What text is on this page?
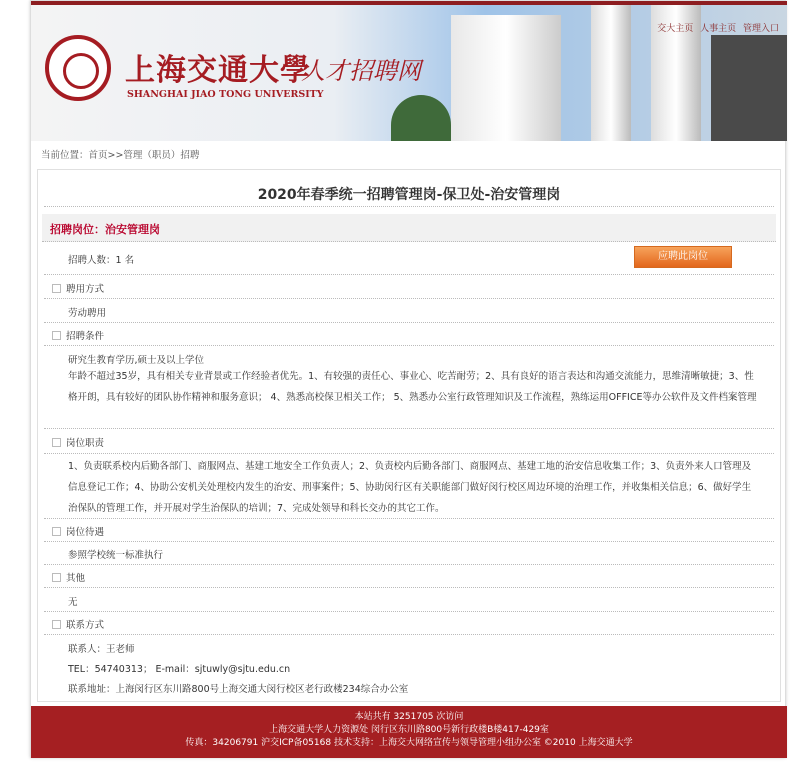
上海交通大學
人才招聘网
SHANGHAI JIAO TONG UNIVERSITY
交大主页 人事主页 管理入口
当前位置：首页>>管理（职员）招聘
2020年春季统一招聘管理岗-保卫处-治安管理岗
招聘岗位：治安管理岗
招聘人数：1 名	应聘此岗位
聘用方式
劳动聘用
招聘条件
研究生教育学历,硕士及以上学位
年龄不超过35岁，具有相关专业背景或工作经验者优先。1、有较强的责任心、事业心、吃苦耐劳；2、具有良好的语言表达和沟通交流能力，思维清晰敏捷；3、性格开朗，具有较好的团队协作精神和服务意识； 4、熟悉高校保卫相关工作； 5、熟悉办公室行政管理知识及工作流程，熟练运用OFFICE等办公软件及文件档案管理
岗位职责
1、负责联系校内后勤各部门、商服网点、基建工地安全工作负责人；2、负责校内后勤各部门、商服网点、基建工地的治安信息收集工作；3、负责外来人口管理及信息登记工作；4、协助公安机关处理校内发生的治安、刑事案件；5、协助闵行区有关职能部门做好闵行校区周边环境的治理工作，并收集相关信息；6、做好学生治保队的管理工作，并开展对学生治保队的培训；7、完成处领导和科长交办的其它工作。
岗位待遇
参照学校统一标准执行
其他
无
联系方式
联系人：王老师
TEL：54740313； E-mail：sjtuwly@sjtu.edu.cn
联系地址：上海闵行区东川路800号上海交通大闵行校区老行政楼234综合办公室
本站共有 3251705 次访问
上海交通大学人力资源处 闵行区东川路800号新行政楼B楼417-429室
传真：34206791 沪交ICP备05168 技术支持：上海交大网络宣传与领导管理小组办公室 ©2010 上海交通大学
